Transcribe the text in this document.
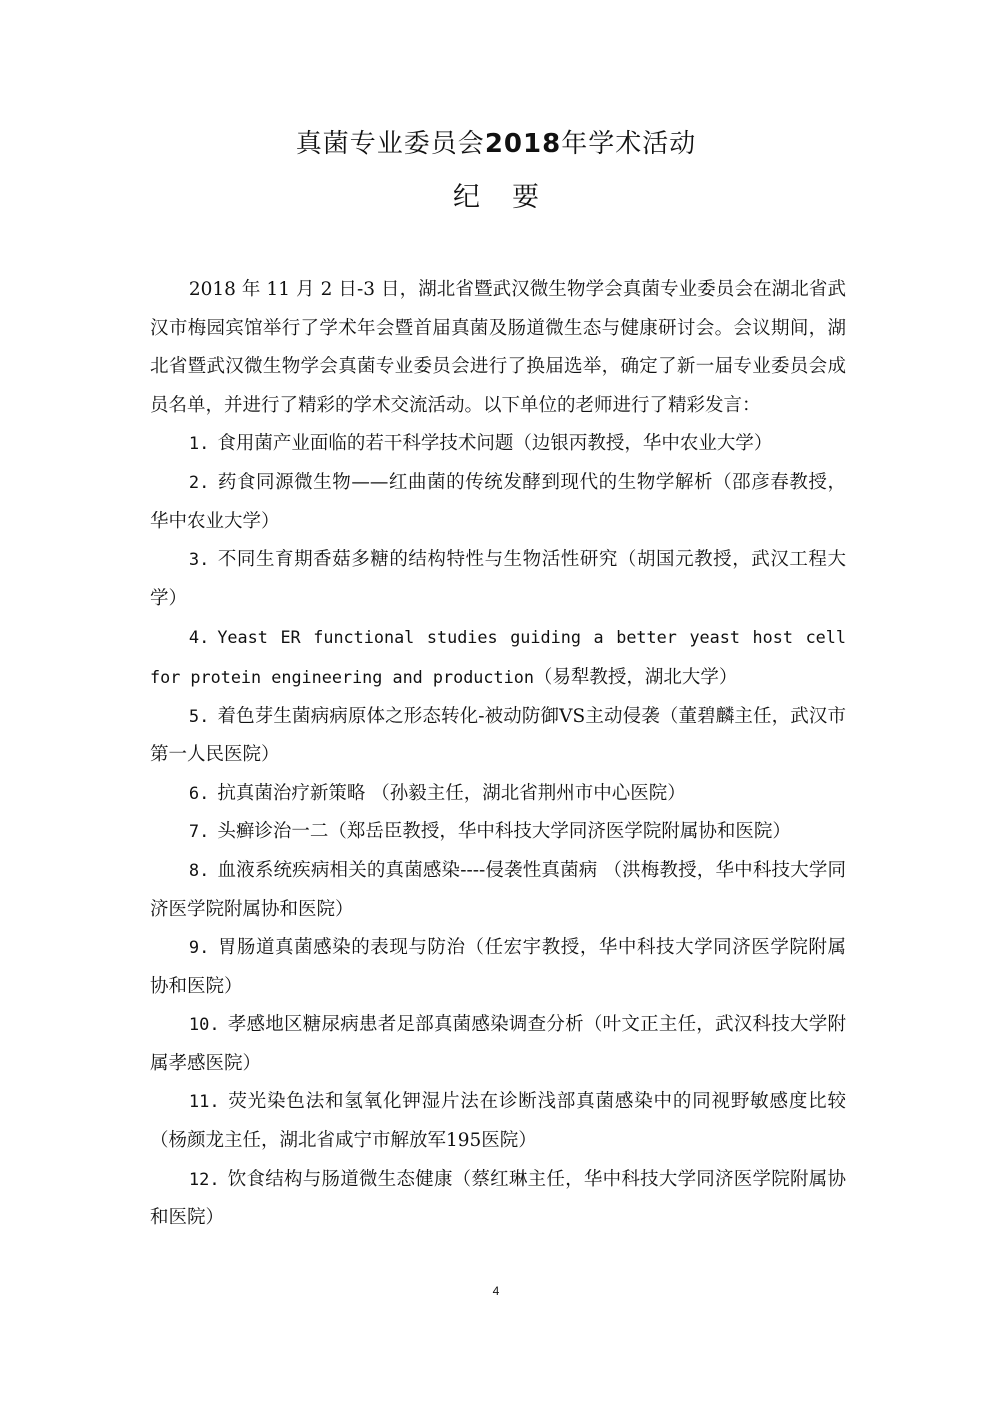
真菌专业委员会2018年学术活动
纪要

2018 年 11 月 2 日-3 日，湖北省暨武汉微生物学会真菌专业委员会在湖北省武汉市梅园宾馆举行了学术年会暨首届真菌及肠道微生态与健康研讨会。会议期间，湖北省暨武汉微生物学会真菌专业委员会进行了换届选举，确定了新一届专业委员会成员名单，并进行了精彩的学术交流活动。以下单位的老师进行了精彩发言：

1. 食用菌产业面临的若干科学技术问题（边银丙教授，华中农业大学）

2. 药食同源微生物——红曲菌的传统发酵到现代的生物学解析（邵彦春教授，华中农业大学）

3. 不同生育期香菇多糖的结构特性与生物活性研究（胡国元教授，武汉工程大学）

4. Yeast ER functional studies guiding a better yeast host cell for protein engineering and production（易犁教授，湖北大学）

5. 着色芽生菌病病原体之形态转化-被动防御VS主动侵袭（董碧麟主任，武汉市第一人民医院）

6. 抗真菌治疗新策略 （孙毅主任，湖北省荆州市中心医院）

7. 头癣诊治一二（郑岳臣教授，华中科技大学同济医学院附属协和医院）

8. 血液系统疾病相关的真菌感染----侵袭性真菌病 （洪梅教授，华中科技大学同济医学院附属协和医院）

9. 胃肠道真菌感染的表现与防治（任宏宇教授，华中科技大学同济医学院附属协和医院）

10. 孝感地区糖尿病患者足部真菌感染调查分析（叶文正主任，武汉科技大学附属孝感医院）

11. 荧光染色法和氢氧化钾湿片法在诊断浅部真菌感染中的同视野敏感度比较（杨颜龙主任，湖北省咸宁市解放军195医院）

12. 饮食结构与肠道微生态健康（蔡红琳主任，华中科技大学同济医学院附属协和医院）

4
